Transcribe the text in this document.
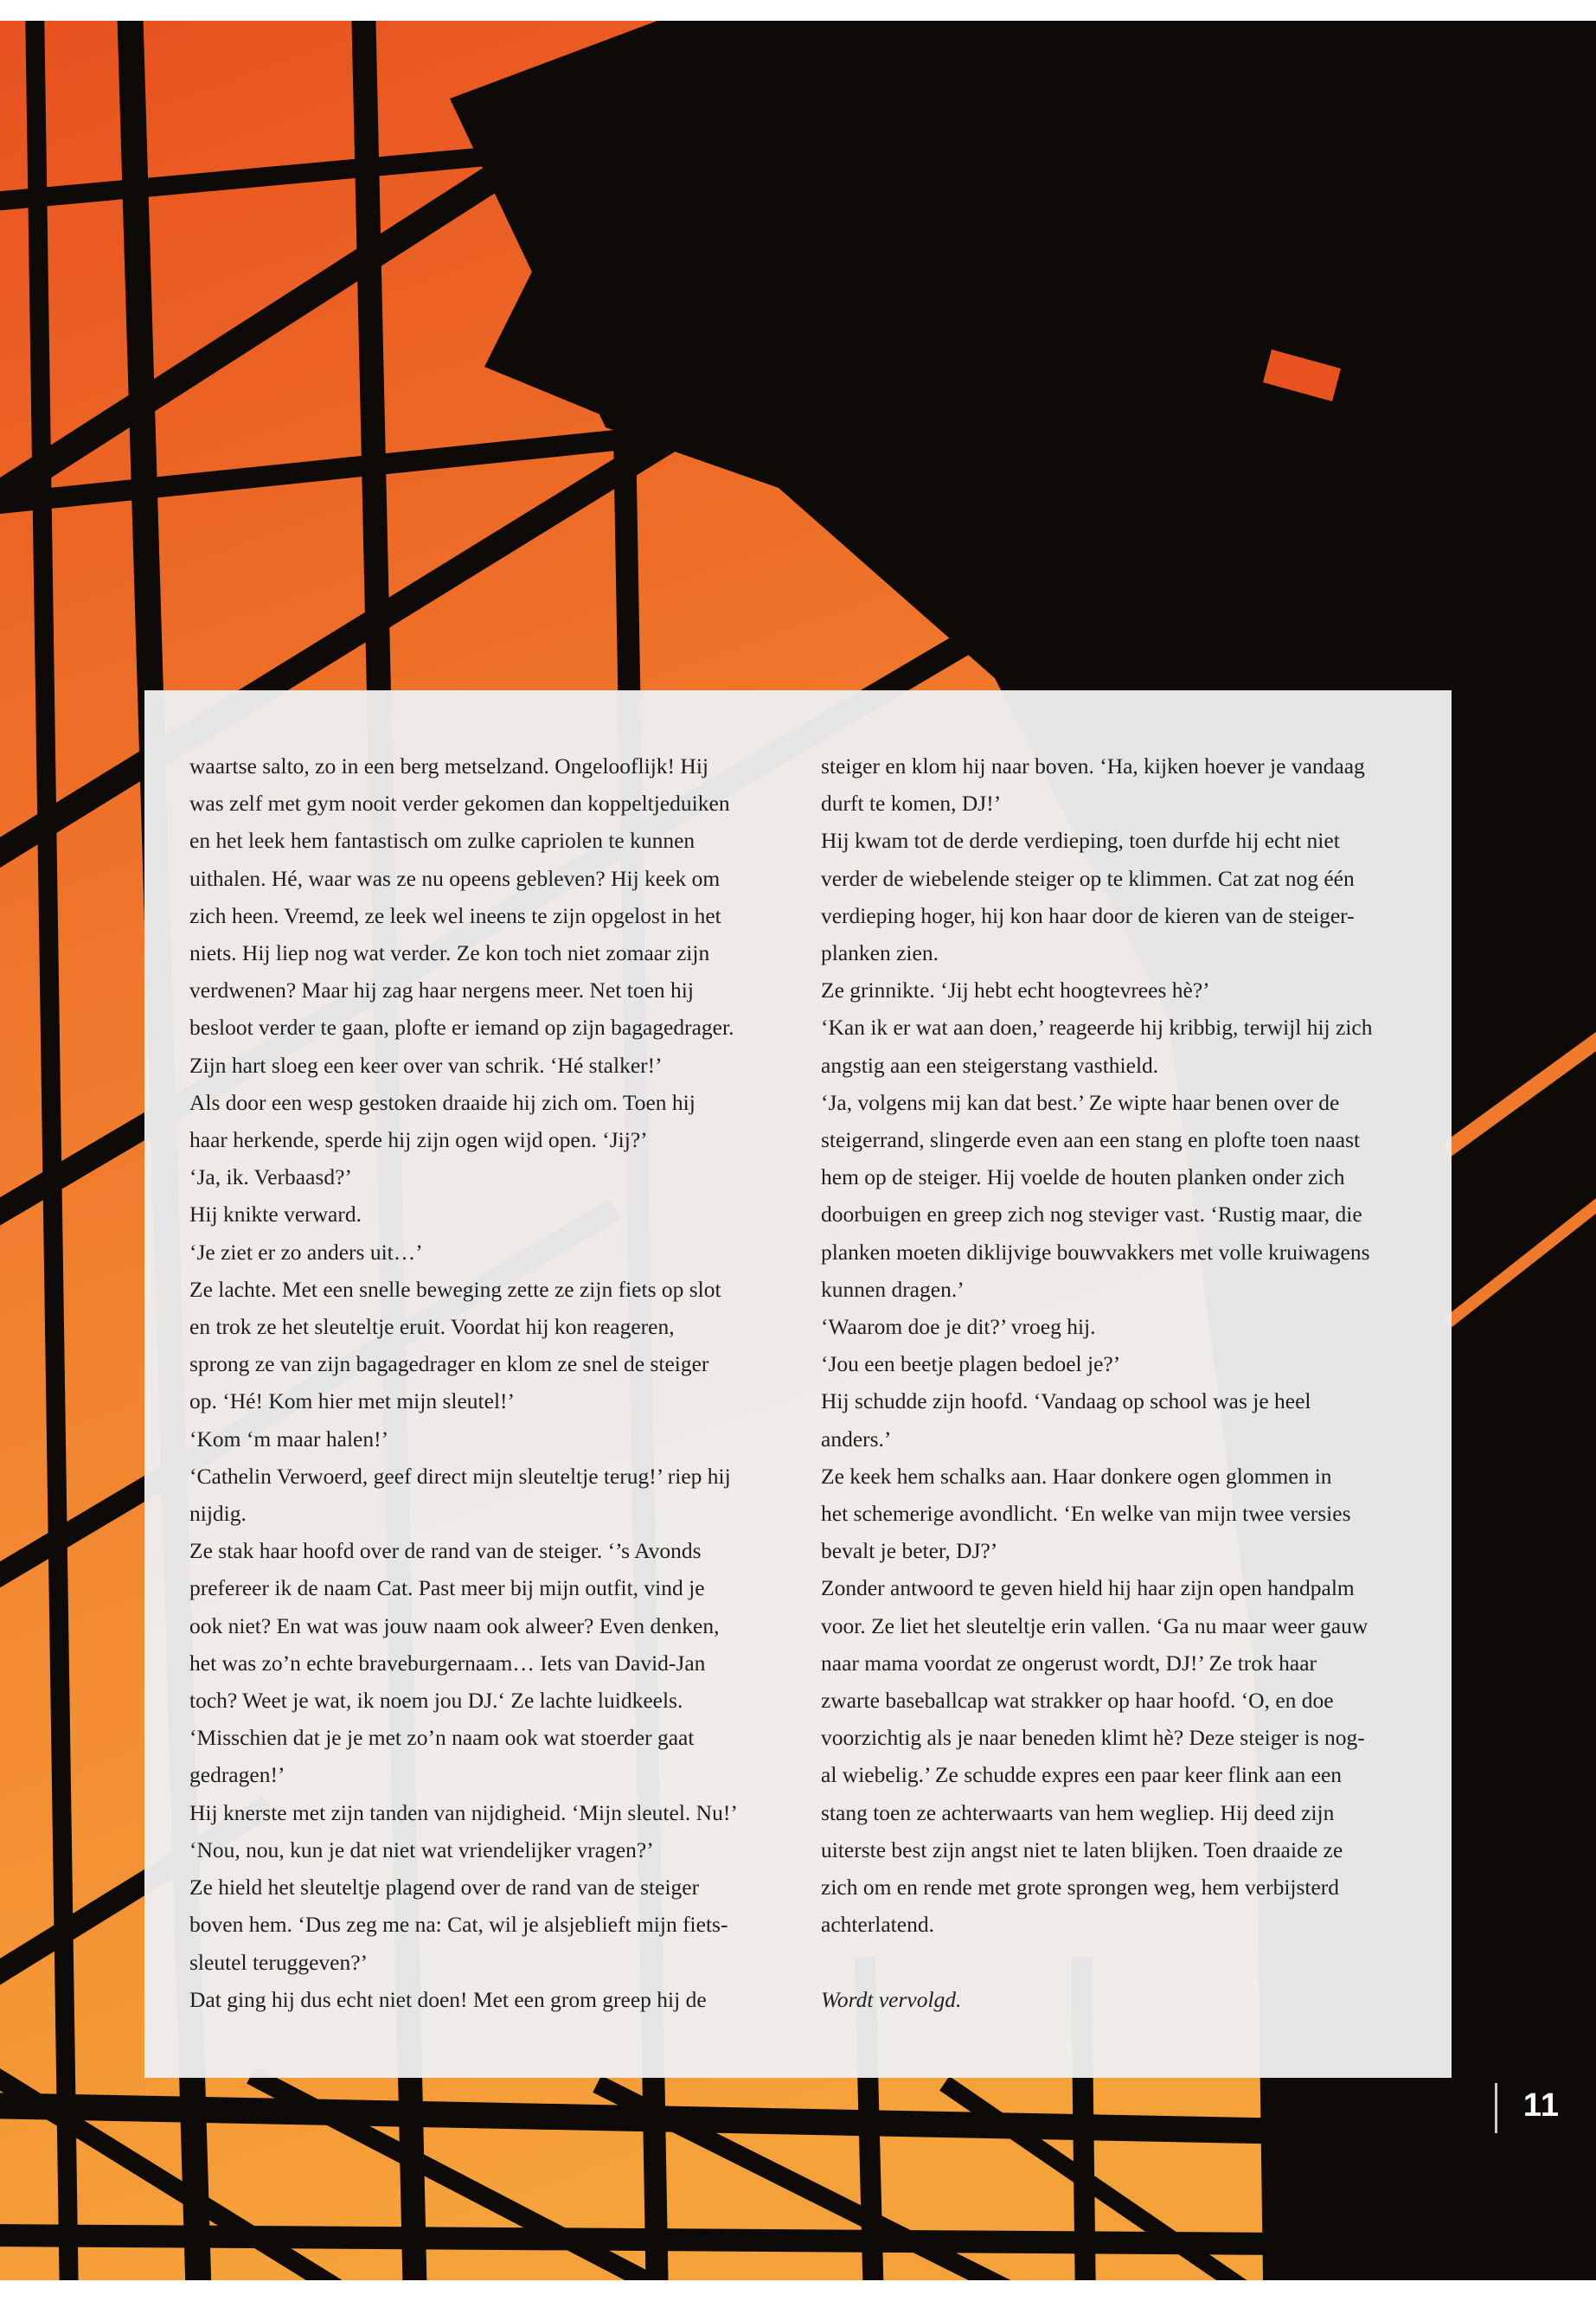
waartse salto, zo in een berg metselzand. Ongelooflijk! Hij

was zelf met gym nooit verder gekomen dan koppeltjeduiken

en het leek hem fantastisch om zulke capriolen te kunnen

uithalen. Hé, waar was ze nu opeens gebleven? Hij keek om

zich heen. Vreemd, ze leek wel ineens te zijn opgelost in het

niets. Hij liep nog wat verder. Ze kon toch niet zomaar zijn

verdwenen? Maar hij zag haar nergens meer. Net toen hij

besloot verder te gaan, plofte er iemand op zijn bagagedrager.

Zijn hart sloeg een keer over van schrik. ‘Hé stalker!’

Als door een wesp gestoken draaide hij zich om. Toen hij

haar herkende, sperde hij zijn ogen wijd open. ‘Jij?’

‘Ja, ik. Verbaasd?’

Hij knikte verward.

‘Je ziet er zo anders uit…’

Ze lachte. Met een snelle beweging zette ze zijn fiets op slot

en trok ze het sleuteltje eruit. Voordat hij kon reageren,

sprong ze van zijn bagagedrager en klom ze snel de steiger

op. ‘Hé! Kom hier met mijn sleutel!’

‘Kom ‘m maar halen!’

‘Cathelin Verwoerd, geef direct mijn sleuteltje terug!’ riep hij

nijdig.

Ze stak haar hoofd over de rand van de steiger. ‘’s Avonds

prefereer ik de naam Cat. Past meer bij mijn outfit, vind je

ook niet? En wat was jouw naam ook alweer? Even denken,

het was zo’n echte braveburgernaam… Iets van David-Jan

toch? Weet je wat, ik noem jou DJ.‘ Ze lachte luidkeels.

‘Misschien dat je je met zo’n naam ook wat stoerder gaat

gedragen!’

Hij knerste met zijn tanden van nijdigheid. ‘Mijn sleutel. Nu!’

‘Nou, nou, kun je dat niet wat vriendelijker vragen?’

Ze hield het sleuteltje plagend over de rand van de steiger

boven hem. ‘Dus zeg me na: Cat, wil je alsjeblieft mijn fiets-

sleutel teruggeven?’

Dat ging hij dus echt niet doen! Met een grom greep hij de

steiger en klom hij naar boven. ‘Ha, kijken hoever je vandaag

durft te komen, DJ!’

Hij kwam tot de derde verdieping, toen durfde hij echt niet

verder de wiebelende steiger op te klimmen. Cat zat nog één

verdieping hoger, hij kon haar door de kieren van de steiger-

planken zien.

Ze grinnikte. ‘Jij hebt echt hoogtevrees hè?’

‘Kan ik er wat aan doen,’ reageerde hij kribbig, terwijl hij zich

angstig aan een steigerstang vasthield.

‘Ja, volgens mij kan dat best.’ Ze wipte haar benen over de

steigerrand, slingerde even aan een stang en plofte toen naast

hem op de steiger. Hij voelde de houten planken onder zich

doorbuigen en greep zich nog steviger vast. ‘Rustig maar, die

planken moeten diklijvige bouwvakkers met volle kruiwagens

kunnen dragen.’

‘Waarom doe je dit?’ vroeg hij.

‘Jou een beetje plagen bedoel je?’

Hij schudde zijn hoofd. ‘Vandaag op school was je heel

anders.’

Ze keek hem schalks aan. Haar donkere ogen glommen in

het schemerige avondlicht. ‘En welke van mijn twee versies

bevalt je beter, DJ?’

Zonder antwoord te geven hield hij haar zijn open handpalm

voor. Ze liet het sleuteltje erin vallen. ‘Ga nu maar weer gauw

naar mama voordat ze ongerust wordt, DJ!’ Ze trok haar

zwarte baseballcap wat strakker op haar hoofd. ‘O, en doe

voorzichtig als je naar beneden klimt hè? Deze steiger is nog-

al wiebelig.’ Ze schudde expres een paar keer flink aan een

stang toen ze achterwaarts van hem wegliep. Hij deed zijn

uiterste best zijn angst niet te laten blijken. Toen draaide ze

zich om en rende met grote sprongen weg, hem verbijsterd

achterlatend.

Wordt vervolgd.

11
